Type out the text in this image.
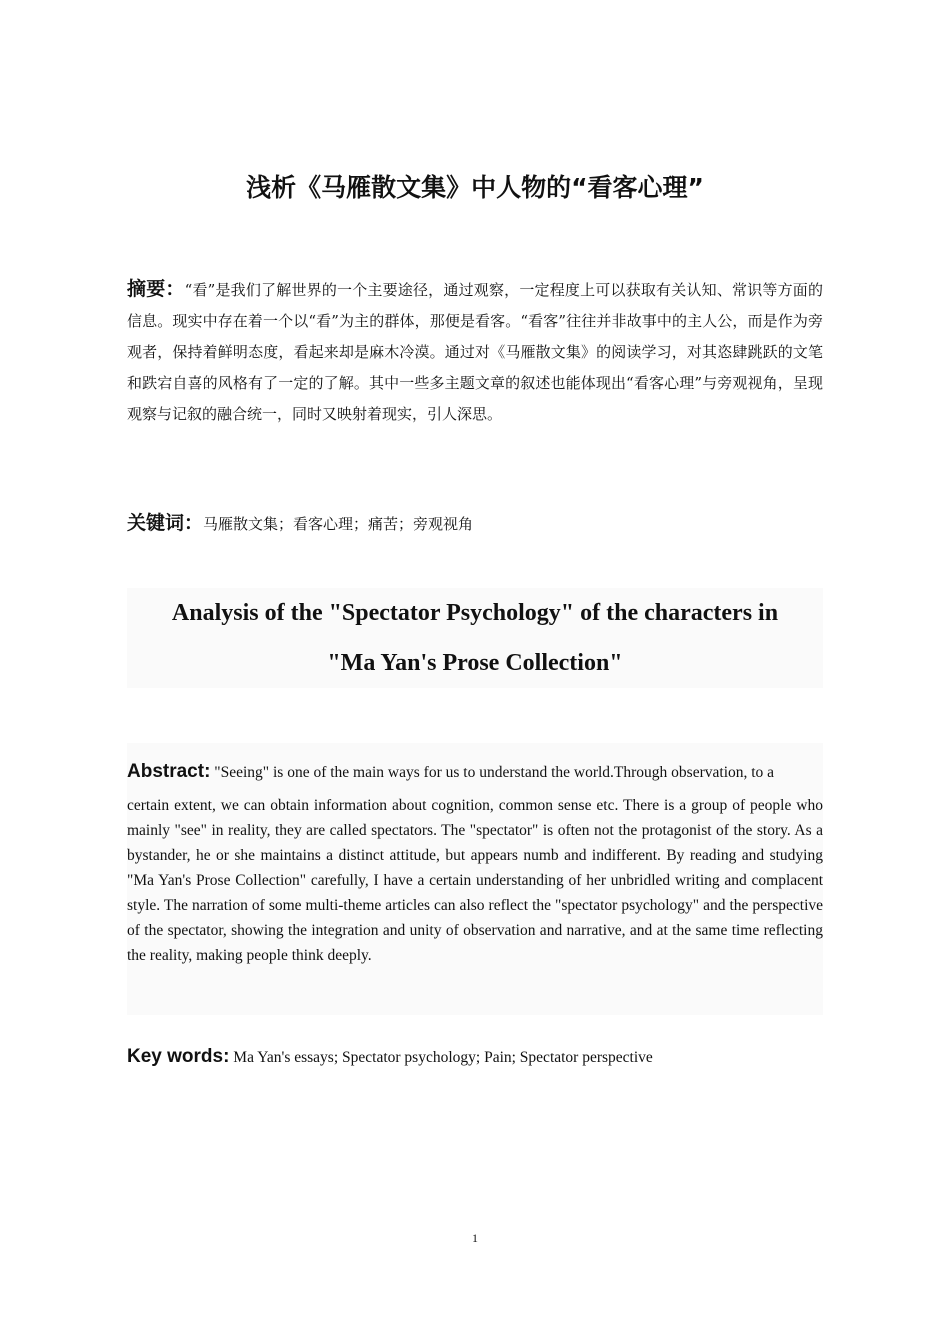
浅析《马雁散文集》中人物的“看客心理”
摘要：“看”是我们了解世界的一个主要途径，通过观察，一定程度上可以获取有关认知、常识等方面的信息。现实中存在着一个以“看”为主的群体，那便是看客。“看客”往往并非故事中的主人公，而是作为旁观者，保持着鲜明态度，看起来却是麻木冷漠。通过对《马雁散文集》的阅读学习，对其恣肆跳跃的文笔和跌宕自喜的风格有了一定的了解。其中一些多主题文章的叙述也能体现出“看客心理”与旁观视角，呈现观察与记叙的融合统一，同时又映射着现实，引人深思。
关键词：马雁散文集；看客心理；痛苦；旁观视角
Analysis of the "Spectator Psychology" of the characters in
"Ma Yan's Prose Collection"
Abstract: "Seeing" is one of the main ways for us to understand the world.Through observation, to a
certain extent, we can obtain information about cognition, common sense etc. There is a group of people who mainly "see" in reality, they are called spectators. The "spectator" is often not the protagonist of the story. As a bystander, he or she maintains a distinct attitude, but appears numb and indifferent. By reading and studying "Ma Yan's Prose Collection" carefully, I have a certain understanding of her unbridled writing and complacent style. The narration of some multi-theme articles can also reflect the "spectator psychology" and the perspective of the spectator, showing the integration and unity of observation and narrative, and at the same time reflecting the reality, making people think deeply.
Key words: Ma Yan's essays; Spectator psychology; Pain; Spectator perspective
1
